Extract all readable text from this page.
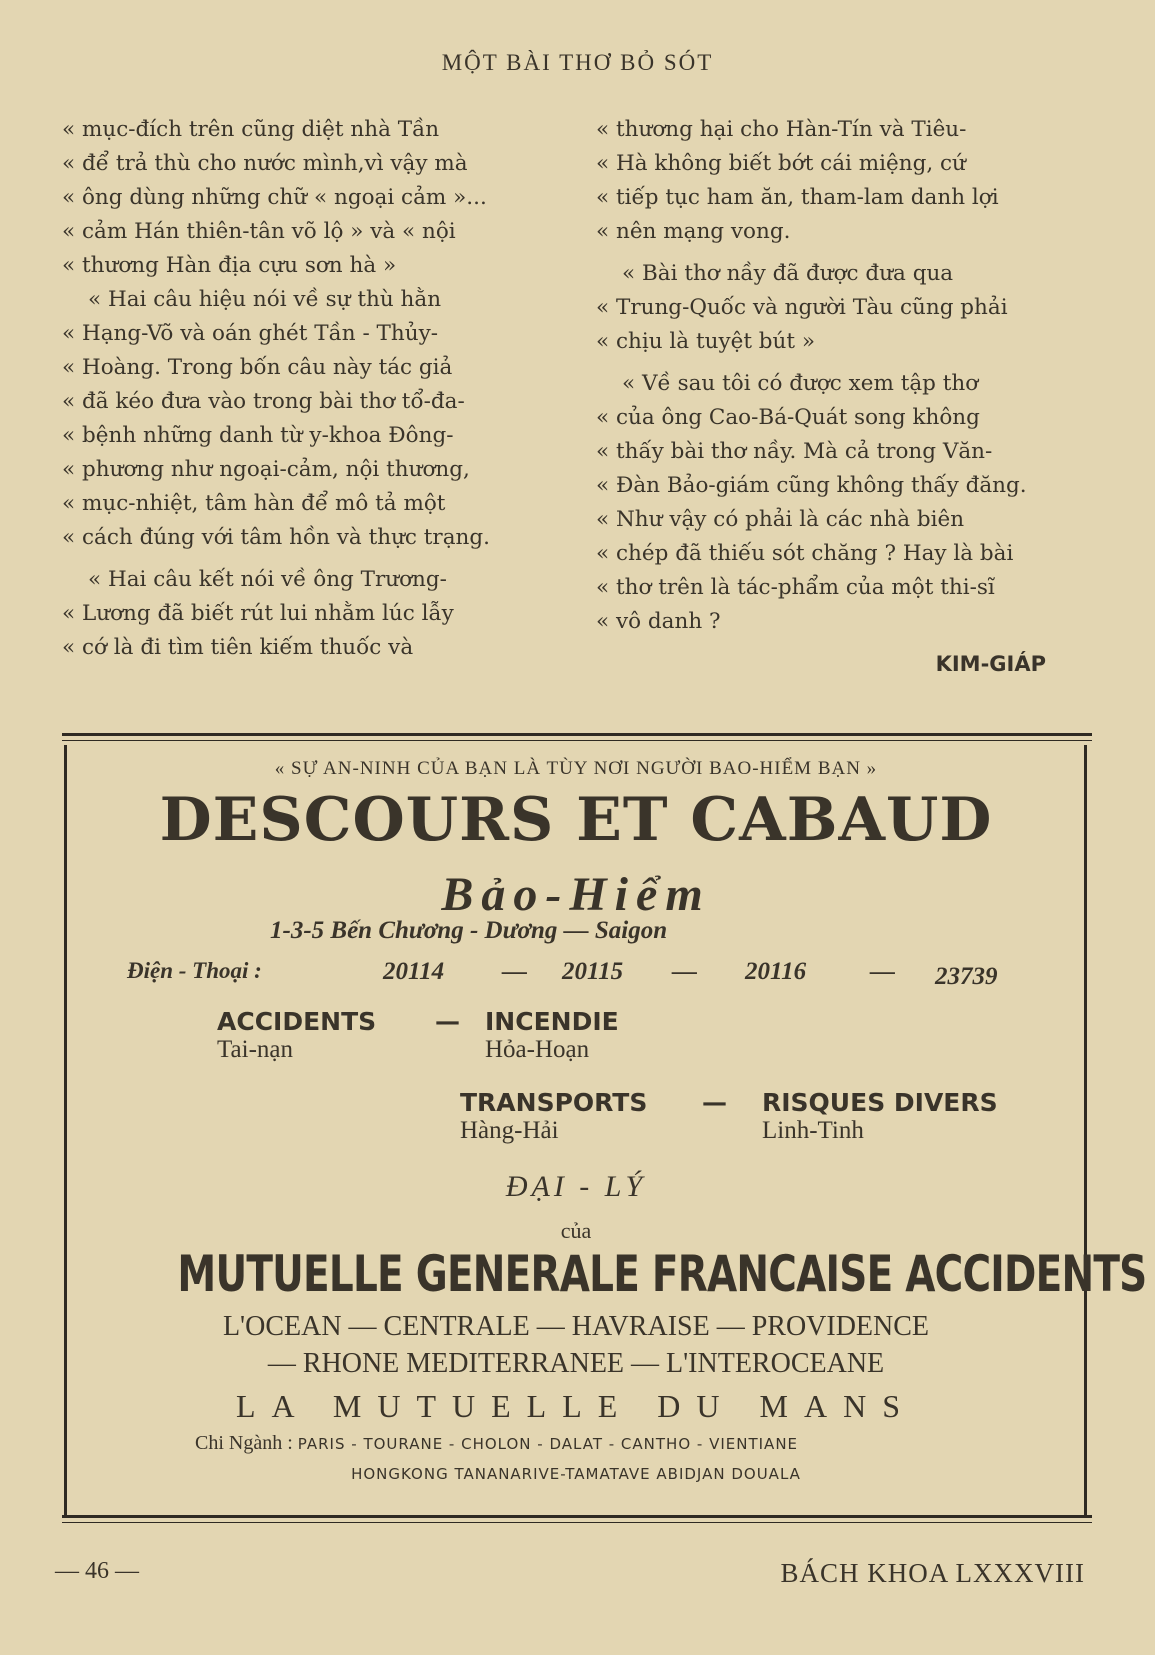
MỘT BÀI THƠ BỎ SÓT
« mục-đích trên cũng diệt nhà Tần
« để trả thù cho nước mình,vì vậy mà
« ông dùng những chữ « ngoại cảm »...
« cảm Hán thiên-tân võ lộ » và « nội
« thương Hàn địa cựu sơn hà »
« Hai câu hiệu nói về sự thù hằn
« Hạng-Võ và oán ghét Tần - Thủy-
« Hoàng. Trong bốn câu này tác giả
« đã kéo đưa vào trong bài thơ tổ-đa-
« bệnh những danh từ y-khoa Đông-
« phương như ngoại-cảm, nội thương,
« mục-nhiệt, tâm hàn để mô tả một
« cách đúng với tâm hồn và thực trạng.
« Hai câu kết nói về ông Trương-
« Lương đã biết rút lui nhằm lúc lẫy
« cớ là đi tìm tiên kiếm thuốc và
« thương hại cho Hàn-Tín và Tiêu-
« Hà không biết bớt cái miệng, cứ
« tiếp tục ham ăn, tham-lam danh lợi
« nên mạng vong.
« Bài thơ nầy đã được đưa qua
« Trung-Quốc và người Tàu cũng phải
« chịu là tuyệt bút »
« Về sau tôi có được xem tập thơ
« của ông Cao-Bá-Quát song không
« thấy bài thơ nầy. Mà cả trong Văn-
« Đàn Bảo-giám cũng không thấy đăng.
« Như vậy có phải là các nhà biên
« chép đã thiếu sót chăng ? Hay là bài
« thơ trên là tác-phẩm của một thi-sĩ
« vô danh ?
KIM-GIÁP
« SỰ AN-NINH CỦA BẠN LÀ TÙY NƠI NGƯỜI BAO-HIỂM BẠN »
DESCOURS ET CABAUD
Bảo-Hiểm
1-3-5 Bến Chương - Dương — Saigon
Điện - Thoại :	20114 — 20115 — 20116	— 23739
ACCIDENTS
Tai-nạn
— INCENDIE
Hỏa-Hoạn
TRANSPORTS
Hàng-Hải
— RISQUES DIVERS
Linh-Tinh
ĐẠI - LÝ
của
MUTUELLE GENERALE FRANCAISE ACCIDENTS
L'OCEAN — CENTRALE — HAVRAISE — PROVIDENCE
— RHONE MEDITERRANEE — L'INTEROCEANE
LA MUTUELLE DU MANS
Chi Ngành : PARIS - TOURANE - CHOLON - DALAT - CANTHO - VIENTIANE
HONGKONG TANANARIVE-TAMATAVE ABIDJAN DOUALA
— 46 —	BÁCH KHOA LXXXVIII
